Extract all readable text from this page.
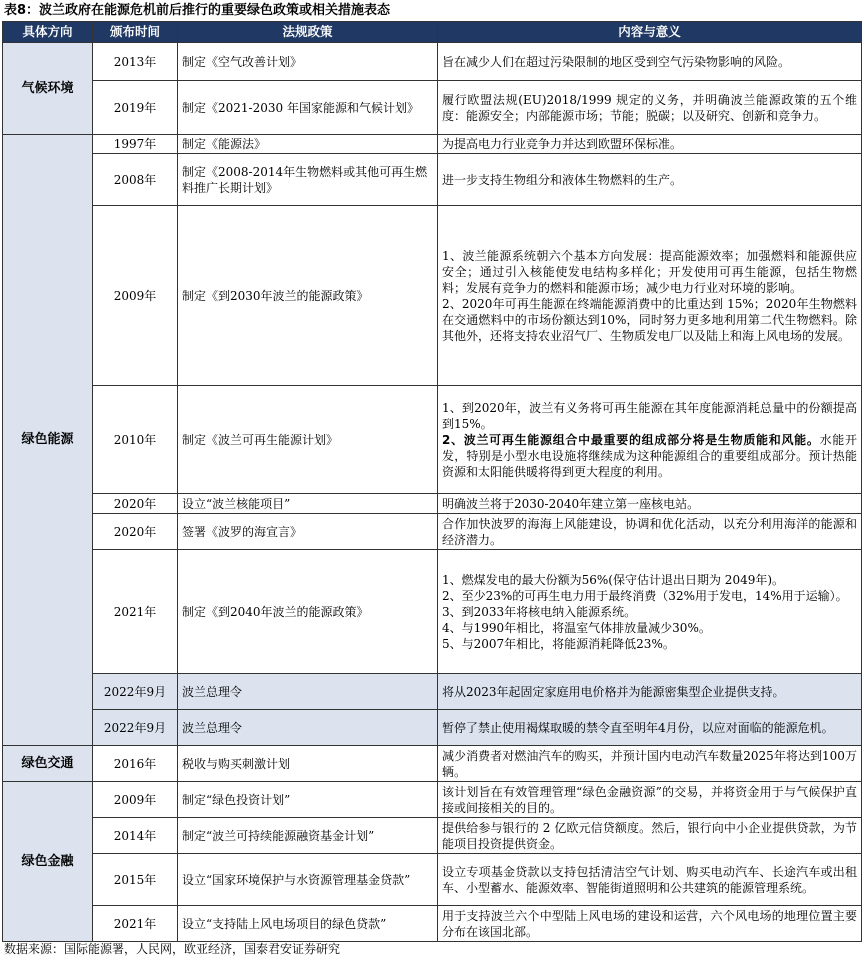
表8：波兰政府在能源危机前后推行的重要绿色政策或相关措施表态
具体方向	颁布时间	法规政策	内容与意义
气候环境	2013年	制定《空气改善计划》	旨在减少人们在超过污染限制的地区受到空气污染物影响的风险。

	2019年	制定《2021-2030 年国家能源和气候计划》	履行欧盟法规(EU)2018/1999 规定的义务，并明确波兰能源政策的五个维度：能源安全；内部能源市场；节能；脱碳；以及研究、创新和竞争力。

绿色能源	1997年	制定《能源法》	为提高电力行业竞争力并达到欧盟环保标准。

	2008年	制定《2008-2014年生物燃料或其他可再生燃料推广长期计划》	进一步支持生物组分和液体生物燃料的生产。

	2009年	制定《到2030年波兰的能源政策》	1、波兰能源系统朝六个基本方向发展：提高能源效率；加强燃料和能源供应安全；通过引入核能使发电结构多样化；开发使用可再生能源，包括生物燃料；发展有竞争力的燃料和能源市场；减少电力行业对环境的影响。
2、2020年可再生能源在终端能源消费中的比重达到 15%；2020年生物燃料在交通燃料中的市场份额达到10%，同时努力更多地利用第二代生物燃料。除其他外，还将支持农业沼气厂、生物质发电厂以及陆上和海上风电场的发展。

	2010年	制定《波兰可再生能源计划》	1、到2020年，波兰有义务将可再生能源在其年度能源消耗总量中的份额提高到15%。
2、波兰可再生能源组合中最重要的组成部分将是生物质能和风能。水能开发，特别是小型水电设施将继续成为这种能源组合的重要组成部分。预计热能资源和太阳能供暖将得到更大程度的利用。

	2020年	设立“波兰核能项目”	明确波兰将于2030-2040年建立第一座核电站。

	2020年	签署《波罗的海宣言》	合作加快波罗的海海上风能建设，协调和优化活动，以充分利用海洋的能源和经济潜力。

	2021年	制定《到2040年波兰的能源政策》	1、燃煤发电的最大份额为56%(保守估计退出日期为 2049年)。
2、至少23%的可再生电力用于最终消费（32%用于发电，14%用于运输）。
3、到2033年将核电纳入能源系统。
4、与1990年相比，将温室气体排放量减少30%。
5、与2007年相比，将能源消耗降低23%。

	2022年9月	波兰总理令	将从2023年起固定家庭用电价格并为能源密集型企业提供支持。

	2022年9月	波兰总理令	暂停了禁止使用褐煤取暖的禁令直至明年4月份，以应对面临的能源危机。

绿色交通	2016年	税收与购买刺激计划	减少消费者对燃油汽车的购买，并预计国内电动汽车数量2025年将达到100万辆。

绿色金融	2009年	制定“绿色投资计划”	该计划旨在有效管理管理“绿色金融资源”的交易，并将资金用于与气候保护直接或间接相关的目的。

	2014年	制定“波兰可持续能源融资基金计划”	提供给参与银行的 2 亿欧元信贷额度。然后，银行向中小企业提供贷款，为节能项目投资提供资金。

	2015年	设立“国家环境保护与水资源管理基金贷款”	设立专项基金贷款以支持包括清洁空气计划、购买电动汽车、长途汽车或出租车、小型蓄水、能源效率、智能街道照明和公共建筑的能源管理系统。

	2021年	设立“支持陆上风电场项目的绿色贷款”	用于支持波兰六个中型陆上风电场的建设和运营，六个风电场的地理位置主要分布在该国北部。
数据来源：国际能源署，人民网，欧亚经济，国泰君安证券研究
